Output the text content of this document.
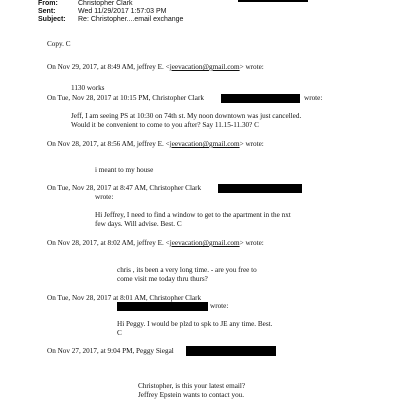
From:	Christopher Clark
Sent:	Wed 11/29/2017 1:57:03 PM
Subject: Re: Christopher....email exchange
Copy. C
On Nov 29, 2017, at 8:49 AM, jeffrey E. <jeevacation@gmail.com> wrote:
1130 works
On Tue, Nov 28, 2017 at 10:15 PM, Christopher Clark	wrote:
Jeff, I am seeing PS at 10:30 on 74th st. My noon downtown was just cancelled.
Would it be convenient to come to you after? Say 11.15-11.30? C
On Nov 28, 2017, at 8:56 AM, jeffrey E. <jeevacation@gmail.com> wrote:
i meant to my house
On Tue, Nov 28, 2017 at 8:47 AM, Christopher Clark
wrote:
Hi Jeffrey, I need to find a window to get to the apartment in the nxt
few days. Will advise. Best. C
On Nov 28, 2017, at 8:02 AM, jeffrey E. <jeevacation@gmail.com> wrote:
chris , its been a very long time. - are you free to
come visit me today thru thurs?
On Tue, Nov 28, 2017 at 8:01 AM, Christopher Clark
wrote:
Hi Peggy. I would be plzd to spk to JE any time. Best.
C
On Nov 27, 2017, at 9:04 PM, Peggy Siegal
Christopher, is this your latest email?
Jeffrey Epstein wants to contact you.
